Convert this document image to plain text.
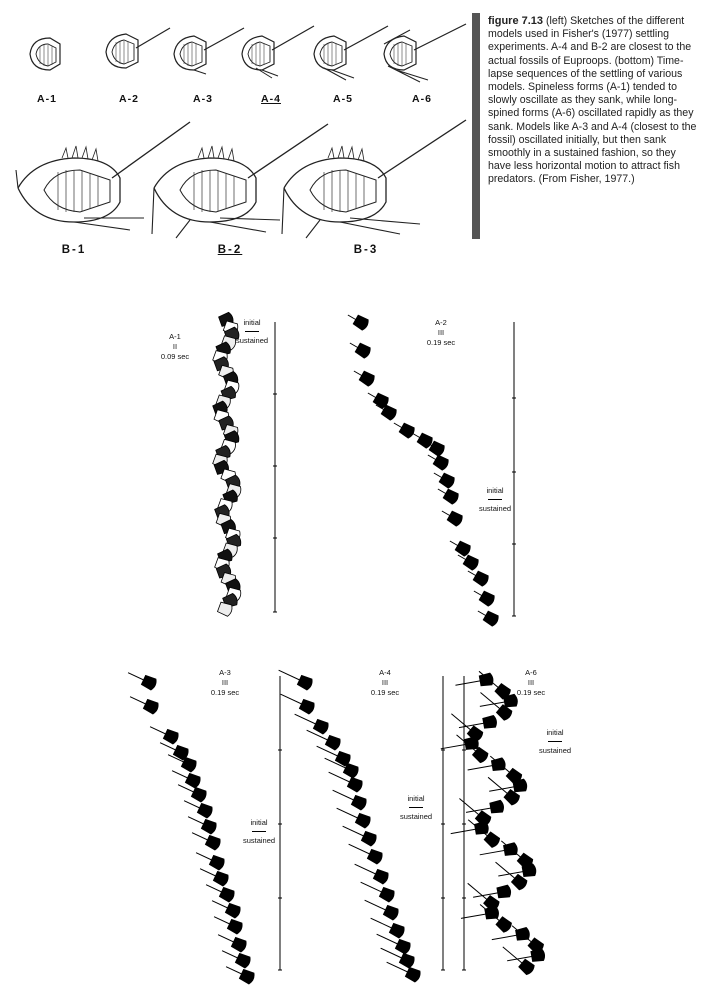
A-1	A-2	A-3	A-4	A-5	A-6
B-1	B-2	B-3
figure 7.13 (left) Sketches of the different models used in Fisher's (1977) settling experiments. A-4 and B-2 are closest to the actual fossils of Euproops. (bottom) Time-lapse sequences of the settling of various models. Spineless forms (A-1) tended to slowly oscillate as they sank, while long-spined forms (A-6) oscillated rapidly as they sank. Models like A-3 and A-4 (closest to the fossil) oscillated initially, but then sank smoothly in a sustained fashion, so they have less horizontal motion to attract fish predators. (From Fisher, 1977.)
A-1
II
0.09 sec
initial
sustained
A-2
III
0.19 sec
initial
sustained
A-3
III
0.19 sec
initial
sustained
A-4
III
0.19 sec
initial
sustained
A-6
III
0.19 sec
initial
sustained
